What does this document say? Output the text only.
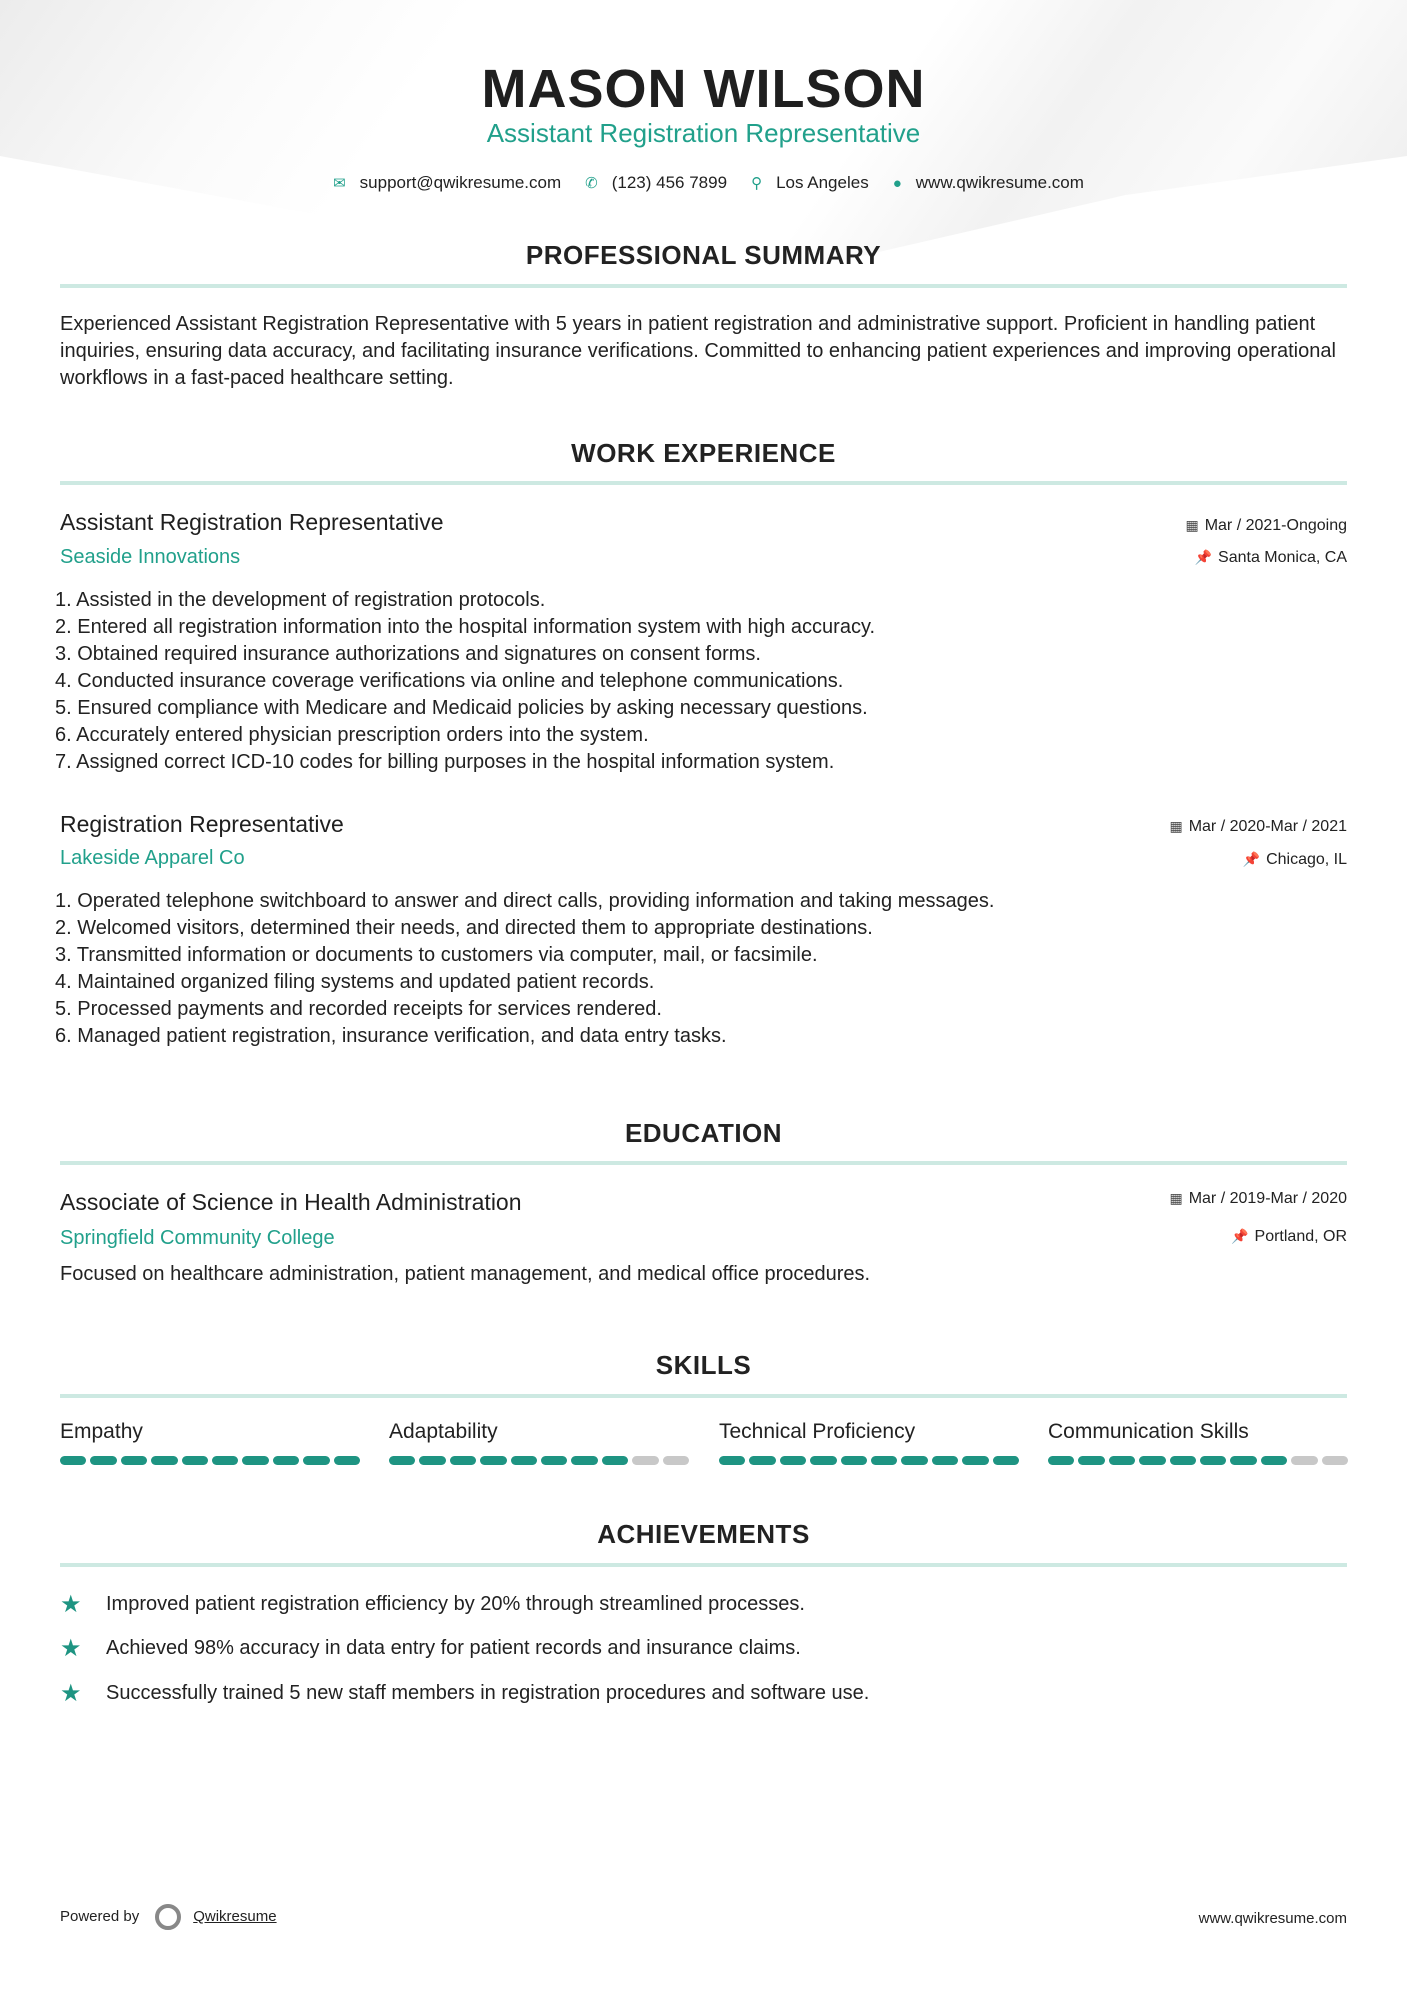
MASON WILSON
Assistant Registration Representative
✉ support@qwikresume.com ✆ (123) 456 7899 ⚲ Los Angeles ● www.qwikresume.com
PROFESSIONAL SUMMARY
Experienced Assistant Registration Representative with 5 years in patient registration and administrative support. Proficient in handling patient inquiries, ensuring data accuracy, and facilitating insurance verifications. Committed to enhancing patient experiences and improving operational workflows in a fast-paced healthcare setting.
WORK EXPERIENCE
Assistant Registration Representative	▦ Mar / 2021-Ongoing
Seaside Innovations	📌 Santa Monica, CA
1. Assisted in the development of registration protocols.
2. Entered all registration information into the hospital information system with high accuracy.
3. Obtained required insurance authorizations and signatures on consent forms.
4. Conducted insurance coverage verifications via online and telephone communications.
5. Ensured compliance with Medicare and Medicaid policies by asking necessary questions.
6. Accurately entered physician prescription orders into the system.
7. Assigned correct ICD-10 codes for billing purposes in the hospital information system.
Registration Representative	▦ Mar / 2020-Mar / 2021
Lakeside Apparel Co	📌 Chicago, IL
1. Operated telephone switchboard to answer and direct calls, providing information and taking messages.
2. Welcomed visitors, determined their needs, and directed them to appropriate destinations.
3. Transmitted information or documents to customers via computer, mail, or facsimile.
4. Maintained organized filing systems and updated patient records.
5. Processed payments and recorded receipts for services rendered.
6. Managed patient registration, insurance verification, and data entry tasks.
EDUCATION
Associate of Science in Health Administration	▦ Mar / 2019-Mar / 2020
Springfield Community College	📌 Portland, OR
Focused on healthcare administration, patient management, and medical office procedures.
SKILLS
Empathy	Adaptability	Technical Proficiency	Communication Skills
ACHIEVEMENTS
★	Improved patient registration efficiency by 20% through streamlined processes.
★	Achieved 98% accuracy in data entry for patient records and insurance claims.
★	Successfully trained 5 new staff members in registration procedures and software use.
Powered by	Qwikresume	www.qwikresume.com
